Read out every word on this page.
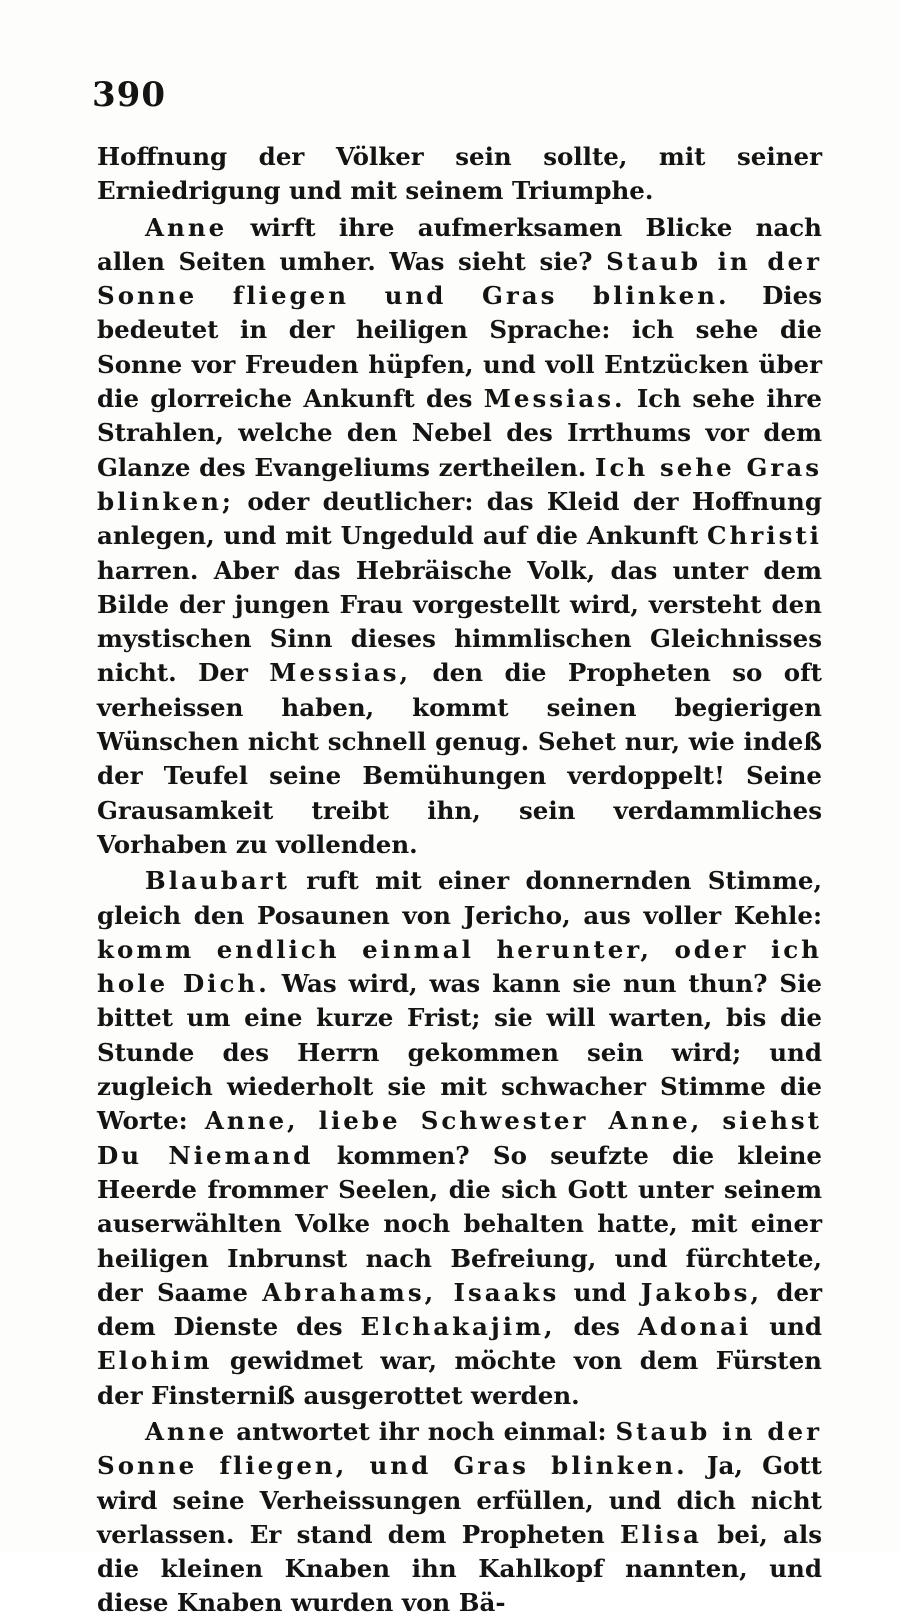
390

Hoffnung der Völker sein sollte, mit seiner Erniedrigung und mit seinem Triumphe.

Anne wirft ihre aufmerksamen Blicke nach allen Seiten umher. Was sieht sie? Staub in der Sonne fliegen und Gras blinken. Dies bedeutet in der heiligen Sprache: ich sehe die Sonne vor Freuden hüpfen, und voll Entzücken über die glorreiche Ankunft des Messias. Ich sehe ihre Strahlen, welche den Nebel des Irrthums vor dem Glanze des Evangeliums zertheilen. Ich sehe Gras blinken; oder deutlicher: das Kleid der Hoffnung anlegen, und mit Ungeduld auf die Ankunft Christi harren. Aber das Hebräische Volk, das unter dem Bilde der jungen Frau vorgestellt wird, versteht den mystischen Sinn dieses himmlischen Gleichnisses nicht. Der Messias, den die Propheten so oft verheissen haben, kommt seinen begierigen Wünschen nicht schnell genug. Sehet nur, wie indeß der Teufel seine Bemühungen verdoppelt! Seine Grausamkeit treibt ihn, sein verdammliches Vorhaben zu vollenden.

Blaubart ruft mit einer donnernden Stimme, gleich den Posaunen von Jericho, aus voller Kehle: komm endlich einmal herunter, oder ich hole Dich. Was wird, was kann sie nun thun? Sie bittet um eine kurze Frist; sie will warten, bis die Stunde des Herrn gekommen sein wird; und zugleich wiederholt sie mit schwacher Stimme die Worte: Anne, liebe Schwester Anne, siehst Du Niemand kommen? So seufzte die kleine Heerde frommer Seelen, die sich Gott unter seinem auserwählten Volke noch behalten hatte, mit einer heiligen Inbrunst nach Befreiung, und fürchtete, der Saame Abrahams, Isaaks und Jakobs, der dem Dienste des Elchakajim, des Adonai und Elohim gewidmet war, möchte von dem Fürsten der Finsterniß ausgerottet werden.

Anne antwortet ihr noch einmal: Staub in der Sonne fliegen, und Gras blinken. Ja, Gott wird seine Verheissungen erfüllen, und dich nicht verlassen. Er stand dem Propheten Elisa bei, als die kleinen Knaben ihn Kahlkopf nannten, und diese Knaben wurden von Bä-
